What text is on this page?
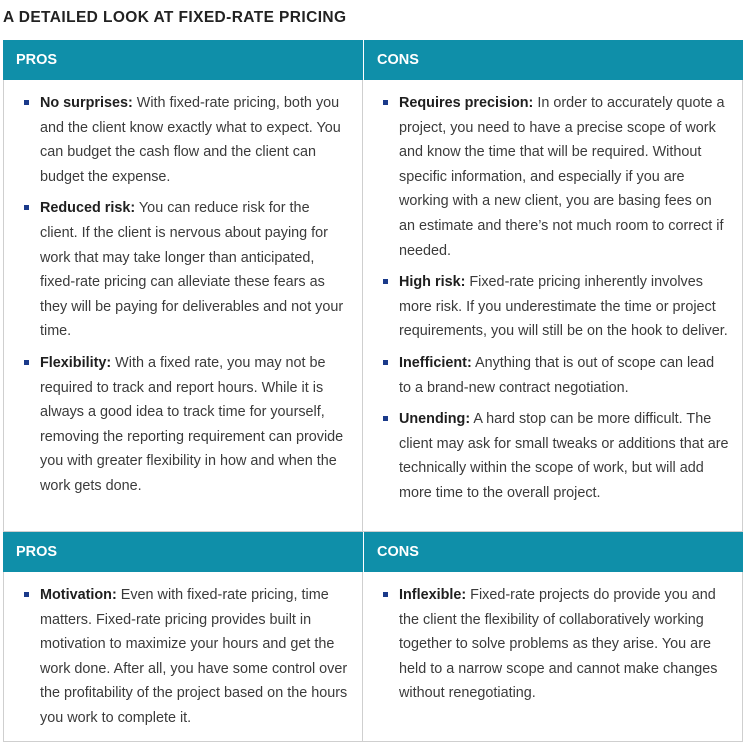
A DETAILED LOOK AT FIXED-RATE PRICING
PROS	CONS
No surprises: With fixed-rate pricing, both you and the client know exactly what to expect. You can budget the cash flow and the client can budget the expense.
Reduced risk: You can reduce risk for the client. If the client is nervous about paying for work that may take longer than anticipated, fixed-rate pricing can alleviate these fears as they will be paying for deliverables and not your time.
Flexibility: With a fixed rate, you may not be required to track and report hours. While it is always a good idea to track time for yourself, removing the reporting requirement can provide you with greater flexibility in how and when the work gets done.
Requires precision: In order to accurately quote a project, you need to have a precise scope of work and know the time that will be required. Without specific information, and especially if you are working with a new client, you are basing fees on an estimate and there’s not much room to correct if needed.
High risk: Fixed-rate pricing inherently involves more risk. If you underestimate the time or project requirements, you will still be on the hook to deliver.
Inefficient: Anything that is out of scope can lead to a brand-new contract negotiation.
Unending: A hard stop can be more difficult. The client may ask for small tweaks or additions that are technically within the scope of work, but will add more time to the overall project.
PROS	CONS
Motivation: Even with fixed-rate pricing, time matters. Fixed-rate pricing provides built in motivation to maximize your hours and get the work done. After all, you have some control over the profitability of the project based on the hours you work to complete it.
Inflexible: Fixed-rate projects do provide you and the client the flexibility of collaboratively working together to solve problems as they arise. You are held to a narrow scope and cannot make changes without renegotiating.
